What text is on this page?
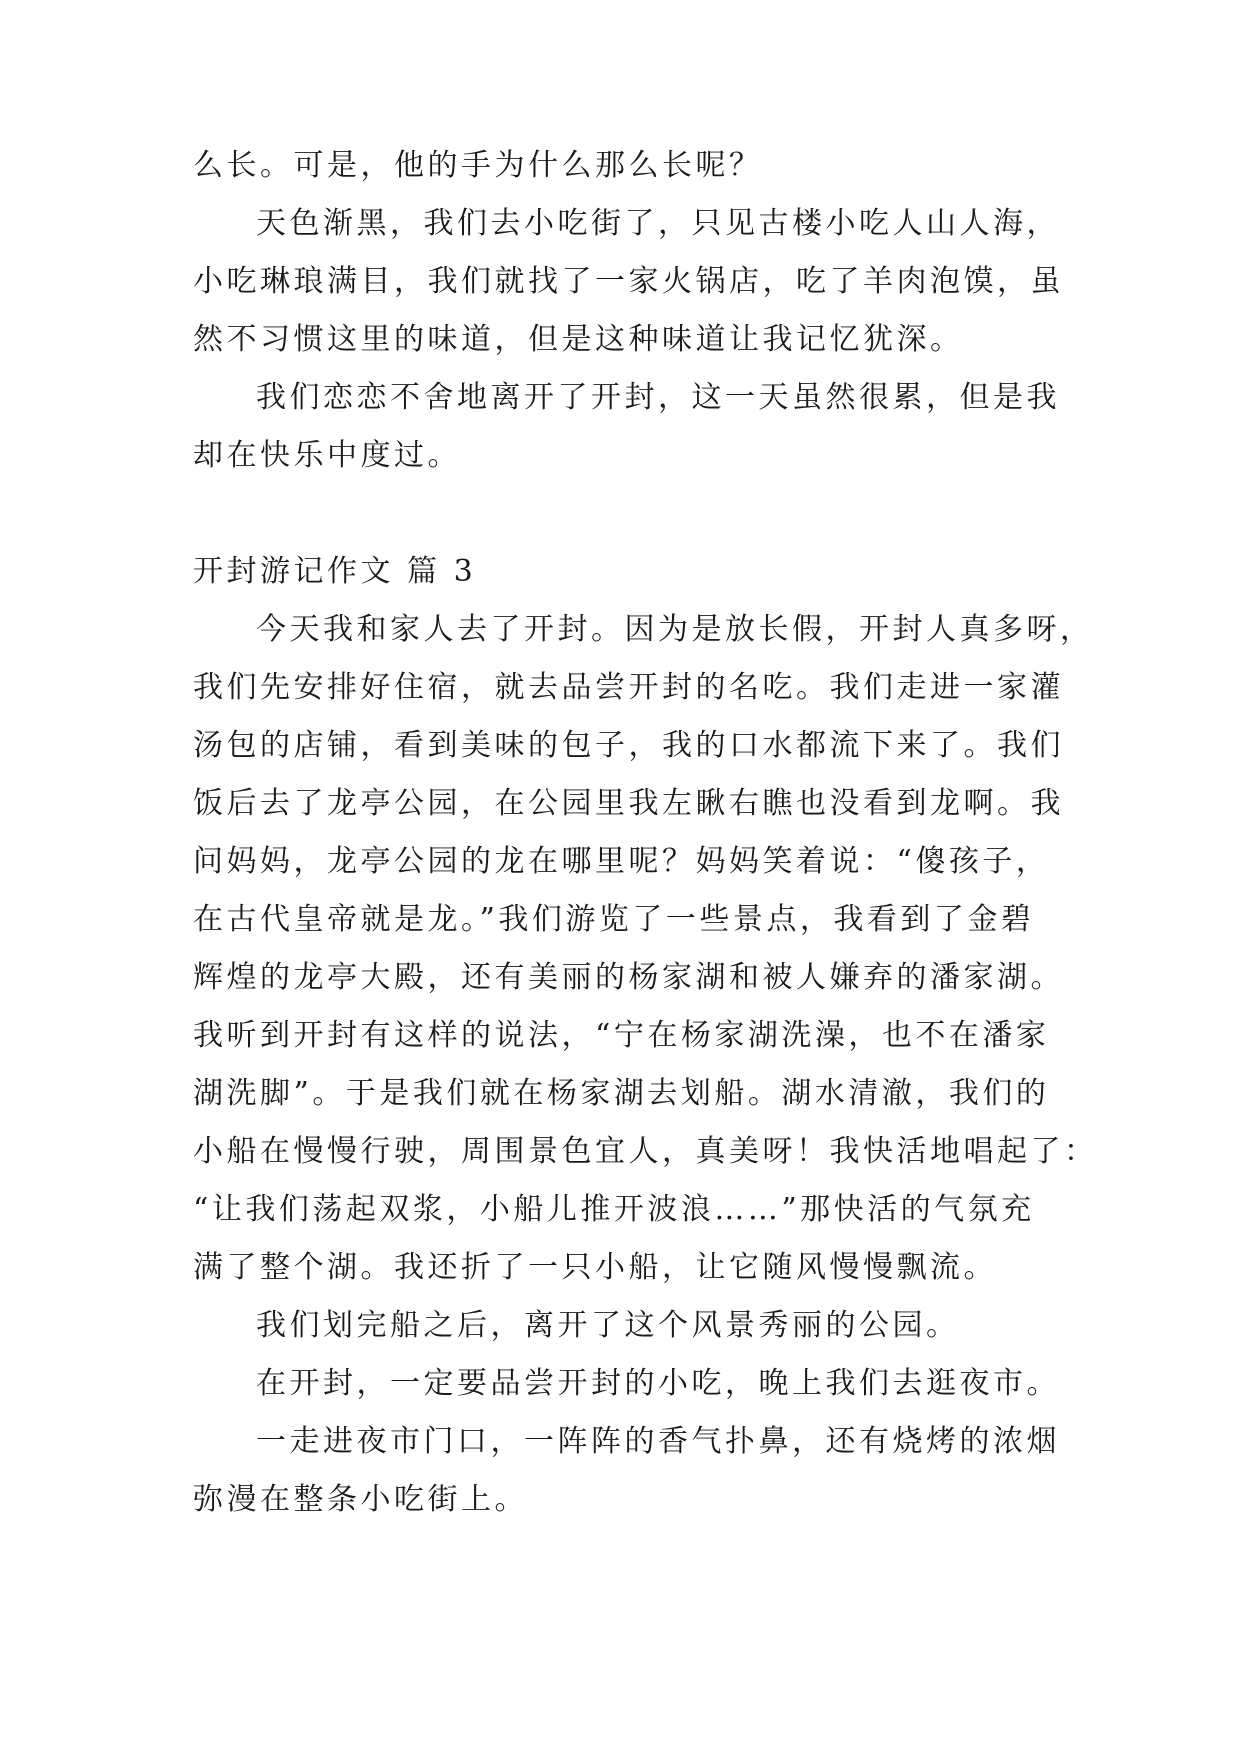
么长。可是，他的手为什么那么长呢？
天色渐黑，我们去小吃街了，只见古楼小吃人山人海，
小吃琳琅满目，我们就找了一家火锅店，吃了羊肉泡馍，虽
然不习惯这里的味道，但是这种味道让我记忆犹深。
我们恋恋不舍地离开了开封，这一天虽然很累，但是我
却在快乐中度过。
开封游记作文 篇 3
今天我和家人去了开封。因为是放长假，开封人真多呀，
我们先安排好住宿，就去品尝开封的名吃。我们走进一家灌
汤包的店铺，看到美味的包子，我的口水都流下来了。我们
饭后去了龙亭公园，在公园里我左瞅右瞧也没看到龙啊。我
问妈妈，龙亭公园的龙在哪里呢？妈妈笑着说：“傻孩子，
在古代皇帝就是龙。”我们游览了一些景点，我看到了金碧
辉煌的龙亭大殿，还有美丽的杨家湖和被人嫌弃的潘家湖。
我听到开封有这样的说法，“宁在杨家湖洗澡，也不在潘家
湖洗脚”。于是我们就在杨家湖去划船。湖水清澈，我们的
小船在慢慢行驶，周围景色宜人，真美呀！我快活地唱起了：
“让我们荡起双浆，小船儿推开波浪……”那快活的气氛充
满了整个湖。我还折了一只小船，让它随风慢慢飘流。
我们划完船之后，离开了这个风景秀丽的公园。
在开封，一定要品尝开封的小吃，晚上我们去逛夜市。
一走进夜市门口，一阵阵的香气扑鼻，还有烧烤的浓烟
弥漫在整条小吃街上。
